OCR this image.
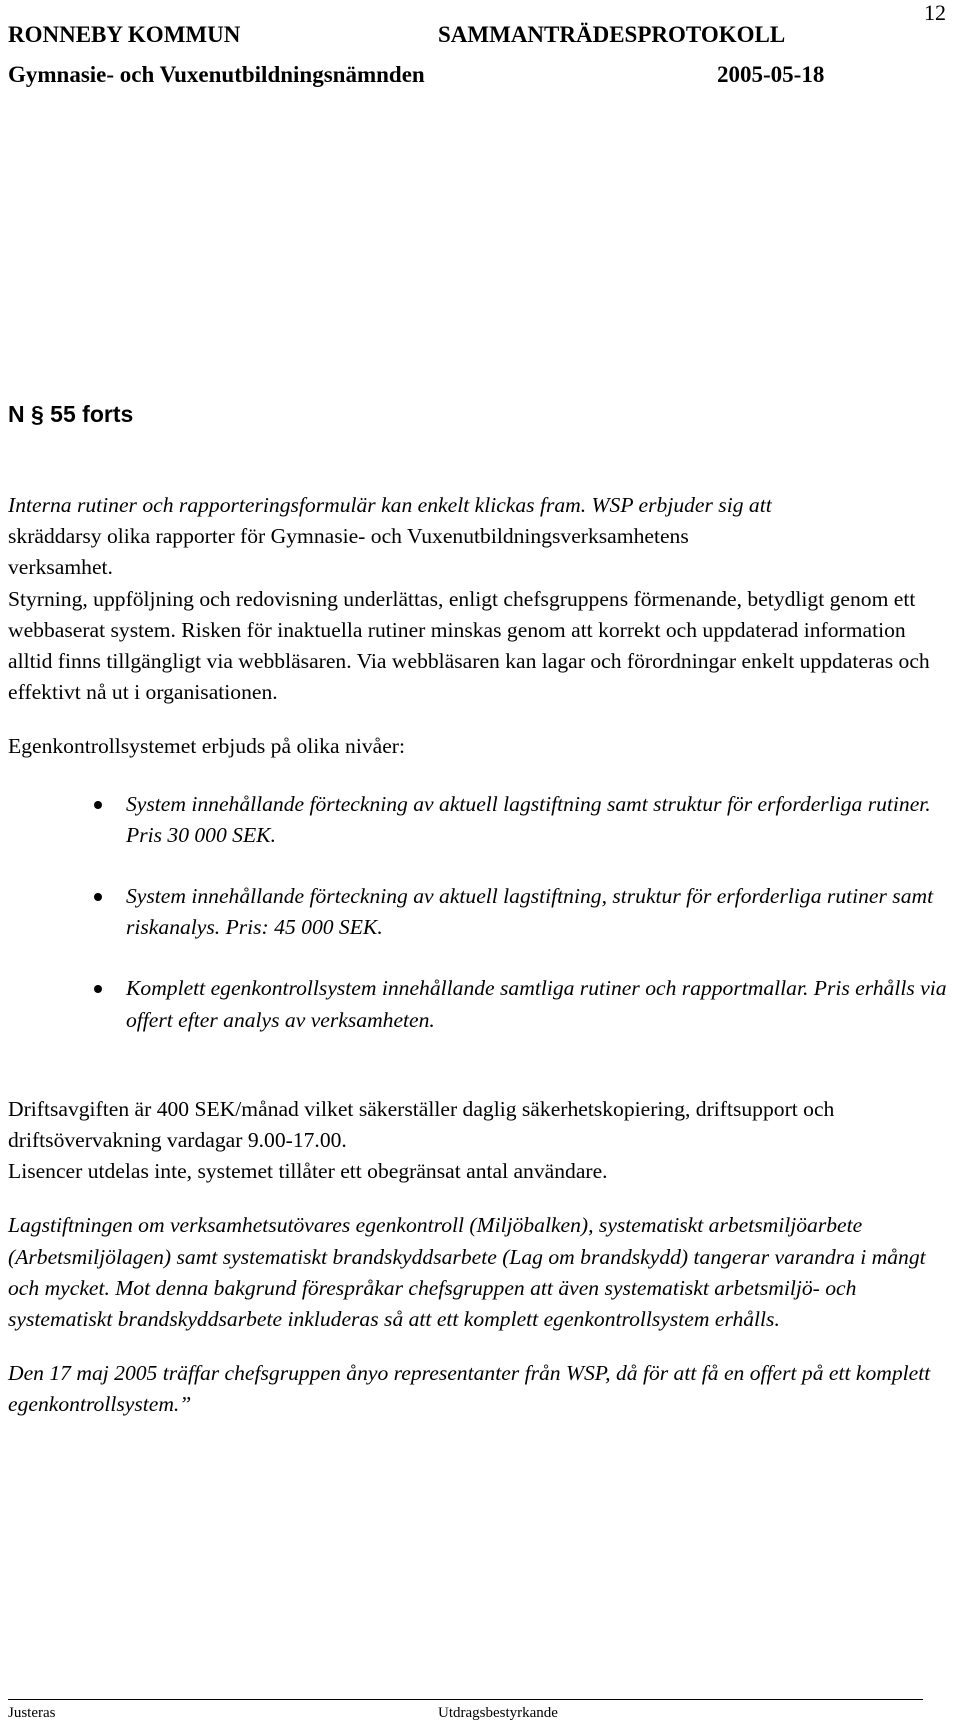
12
RONNEBY KOMMUN	SAMMANTRÄDESPROTOKOLL
Gymnasie- och Vuxenutbildningsnämnden	2005-05-18
N § 55 forts

Interna rutiner och rapporteringsformulär kan enkelt klickas fram. WSP erbjuder sig att
skräddarsy olika rapporter för Gymnasie- och Vuxenutbildningsverksamhetens
verksamhet.

Styrning, uppföljning och redovisning underlättas, enligt chefsgruppens förmenande, betydligt genom ett webbaserat system. Risken för inaktuella rutiner minskas genom att korrekt och uppdaterad information alltid finns tillgängligt via webbläsaren. Via webbläsaren kan lagar och förordningar enkelt uppdateras och effektivt nå ut i organisationen.

Egenkontrollsystemet erbjuds på olika nivåer:

System innehållande förteckning av aktuell lagstiftning samt struktur för erforderliga rutiner. Pris 30 000 SEK.
System innehållande förteckning av aktuell lagstiftning, struktur för erforderliga rutiner samt riskanalys. Pris: 45 000 SEK.
Komplett egenkontrollsystem innehållande samtliga rutiner och rapportmallar. Pris erhålls via offert efter analys av verksamheten.

Driftsavgiften är 400 SEK/månad vilket säkerställer daglig säkerhetskopiering, driftsupport och driftsövervakning vardagar 9.00-17.00.

Lisencer utdelas inte, systemet tillåter ett obegränsat antal användare.

Lagstiftningen om verksamhetsutövares egenkontroll (Miljöbalken), systematiskt arbetsmiljöarbete (Arbetsmiljölagen) samt systematiskt brandskyddsarbete (Lag om brandskydd) tangerar varandra i mångt och mycket. Mot denna bakgrund förespråkar chefsgruppen att även systematiskt arbetsmiljö- och systematiskt brandskyddsarbete inkluderas så att ett komplett egenkontrollsystem erhålls.

Den 17 maj 2005 träffar chefsgruppen ånyo representanter från WSP, då för att få en offert på ett komplett egenkontrollsystem.”

Justeras	Utdragsbestyrkande
